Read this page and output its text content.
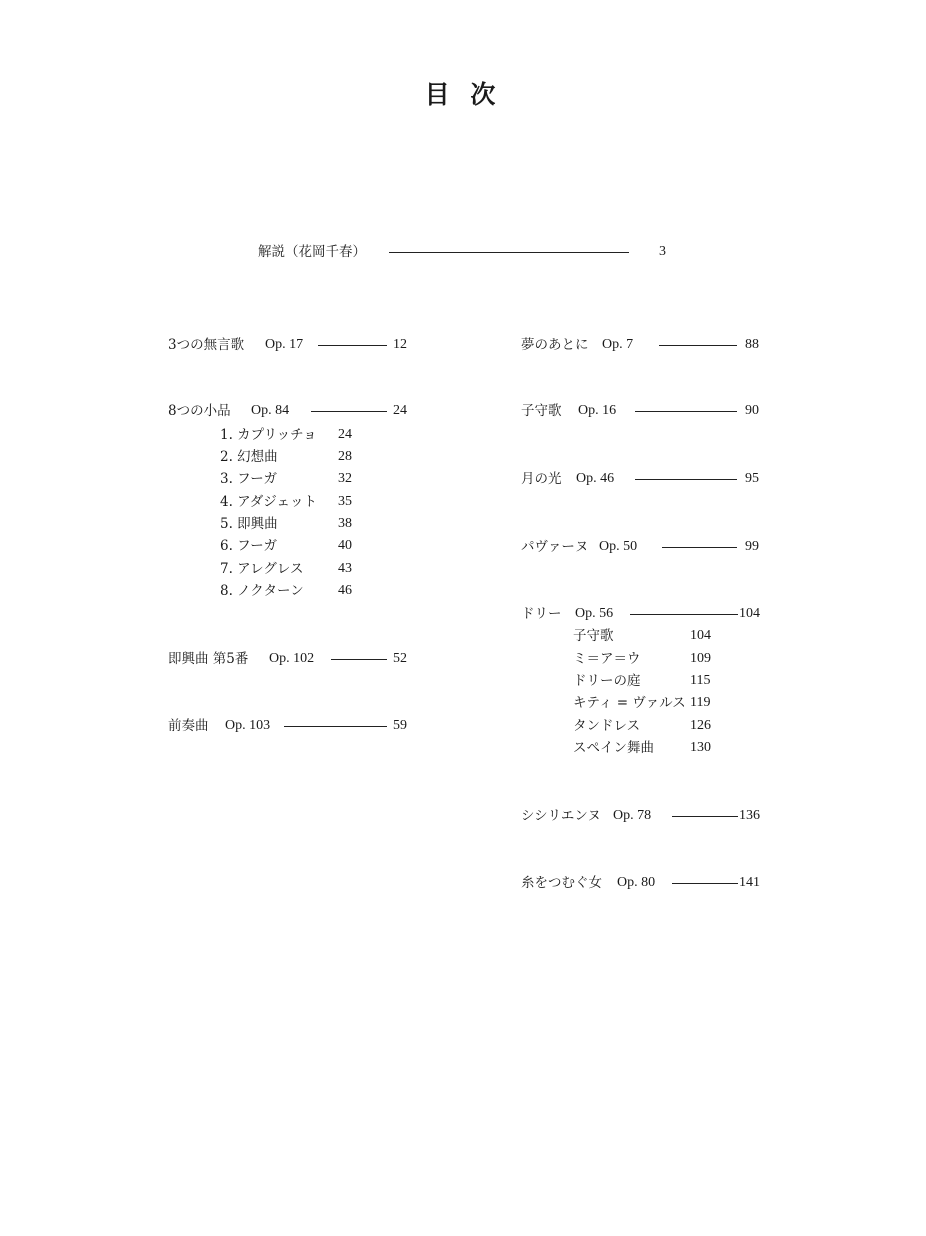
目 次
解説（花岡千春）	3
3つの無言歌 Op. 17	12
8つの小品 Op. 84	24
1. カプリッチョ 24
2. 幻想曲	28
3. フーガ	32
4. アダジェット 35
5. 即興曲	38
6. フーガ	40
7. アレグレス 43
8. ノクターン 46
即興曲 第5番 Op. 102	52
前奏曲 Op. 103	59
夢のあとに Op. 7	88
子守歌 Op. 16	90
月の光 Op. 46	95
パヴァーヌ Op. 50	99
ドリー Op. 56	104
子守歌	104
ミ＝ア＝ウ	109
ドリーの庭	115
キティ = ヴァルス 119
タンドレス	126
スペイン舞曲	130
シシリエンヌ Op. 78	136
糸をつむぐ女 Op. 80	141
